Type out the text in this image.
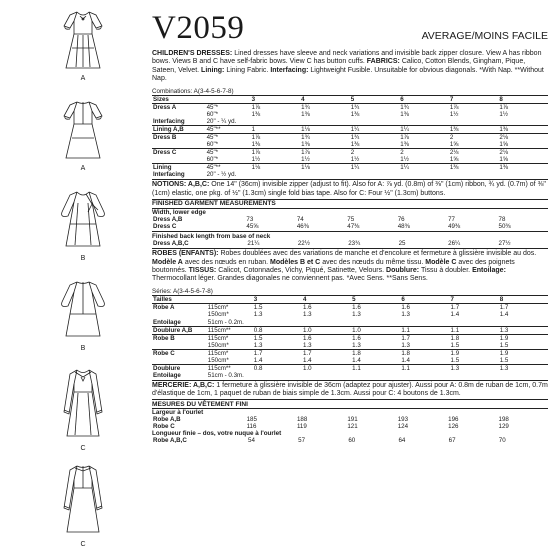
A
A
B
B
C
C
V2059	AVERAGE/MOINS FACILE

CHILDREN'S DRESSES: Lined dresses have sleeve and neck variations and invisible back zipper closure. View A has ribbon bows. Views B and C have self-fabric bows. View C has button cuffs. FABRICS: Calico, Cotton Blends, Gingham, Pique, Sateen, Velvet. Lining: Lining Fabric. Interfacing: Lightweight Fusible. Unsuitable for obvious diagonals. *With Nap. **Without Nap.

Combinations: A(3-4-5-6-7-8)
Sizes		3	4	5	6	7	8
Dress A	45"*	1⅞	1¾	1¾	1¾	1⅞	1⅞
	60"*	1⅜	1⅜	1⅜	1⅜	1½	1½
Interfacing	20" - ¼ yd.						
Lining A,B	45"**	1	1⅛	1¼	1¼	1⅜	1⅜
Dress B	45"*	1⅞	1¾	1¾	1⅞	2	2⅛
	60"*	1⅜	1⅜	1⅜	1⅜	1⅝	1⅝
Dress C	45"*	1⅞	1⅞	2	2	2⅛	2⅛
	60"*	1½	1½	1½	1½	1⅝	1⅝
Lining	45"**	1⅛	1⅛	1¼	1¼	1⅜	1⅜
Interfacing	20" - ½ yd.						

NOTIONS: A,B,C: One 14" (36cm) invisible zipper (adjust to fit). Also for A: ⅞ yd. (0.8m) of ⅜" (1cm) ribbon, ¾ yd. (0.7m) of ⅜" (1cm) elastic, one pkg. of ½" (1.3cm) single fold bias tape. Also for C: Four ½" (1.3cm) buttons.

FINISHED GARMENT MEASUREMENTS
Width, lower edge
Dress A,B		73	74	75	76	77	78
Dress C		45⅝	46⅜	47⅜	48⅜	49⅜	50⅜
Finished back length from base of neck
Dress A,B,C		21¼	22½	23¾	25	26¼	27½

ROBES (ENFANTS): Robes doublées avec des variations de manche et d'encolure et fermeture à glissière invisible au dos. Modèle A avec des nœuds en ruban. Modèles B et C avec des nœuds du même tissu. Modèle C avec des poignets boutonnés. TISSUS: Calicot, Cotonnades, Vichy, Piqué, Satinette, Velours. Doublure: Tissu à doubler. Entoilage: Thermocollant léger. Grandes diagonales ne conviennent pas. *Avec Sens. **Sans Sens.

Séries: A(3-4-5-6-7-8)
Tailles		3	4	5	6	7	8
Robe A	115cm*	1.5	1.6	1.6	1.6	1.7	1.7
	150cm*	1.3	1.3	1.3	1.3	1.4	1.4
Entoilage	51cm - 0.2m.						
Doublure A,B	115cm**	0.8	1.0	1.0	1.1	1.1	1.3
Robe B	115cm*	1.5	1.6	1.6	1.7	1.8	1.9
	150cm*	1.3	1.3	1.3	1.3	1.5	1.5
Robe C	115cm*	1.7	1.7	1.8	1.8	1.9	1.9
	150cm*	1.4	1.4	1.4	1.4	1.5	1.5
Doublure	115cm**	0.8	1.0	1.1	1.1	1.3	1.3
Entoilage	51cm - 0.3m.						

MERCERIE: A,B,C: 1 fermeture à glissière invisible de 36cm (adaptez pour ajuster). Aussi pour A: 0.8m de ruban de 1cm, 0.7m d'élastique de 1cm, 1 paquet de ruban de biais simple de 1.3cm. Aussi pour C: 4 boutons de 1.3cm.

MESURES DU VÊTEMENT FINI
Largeur à l'ourlet
Robe A,B		185	188	191	193	196	198
Robe C		116	119	121	124	126	129
Longueur finie – dos, votre nuque à l'ourlet
Robe A,B,C		54	57	60	64	67	70
